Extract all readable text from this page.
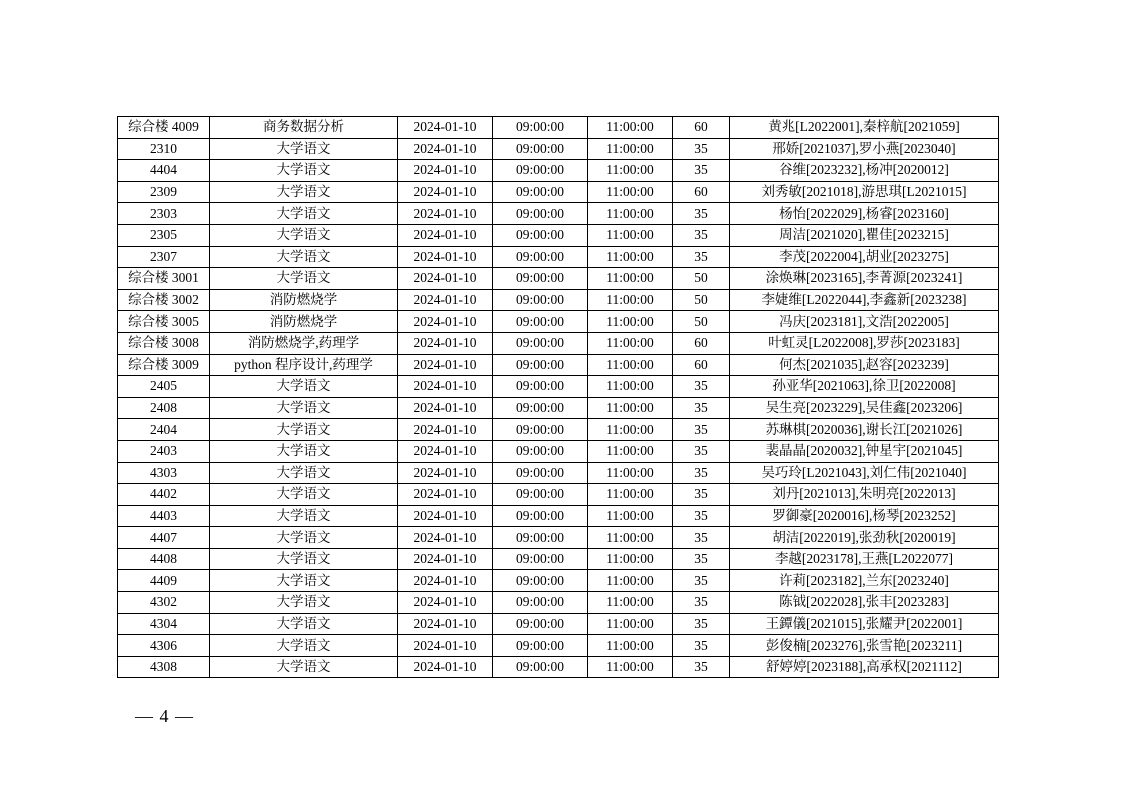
综合楼 4009	商务数据分析	2024-01-10	09:00:00	11:00:00	60	黄兆[L2022001],秦梓航[2021059]
2310	大学语文	2024-01-10	09:00:00	11:00:00	35	邢娇[2021037],罗小燕[2023040]
4404	大学语文	2024-01-10	09:00:00	11:00:00	35	谷维[2023232],杨冲[2020012]
2309	大学语文	2024-01-10	09:00:00	11:00:00	60	刘秀敏[2021018],游思琪[L2021015]
2303	大学语文	2024-01-10	09:00:00	11:00:00	35	杨怡[2022029],杨睿[2023160]
2305	大学语文	2024-01-10	09:00:00	11:00:00	35	周洁[2021020],瞿佳[2023215]
2307	大学语文	2024-01-10	09:00:00	11:00:00	35	李茂[2022004],胡业[2023275]
综合楼 3001	大学语文	2024-01-10	09:00:00	11:00:00	50	涂焕琳[2023165],李菁源[2023241]
综合楼 3002	消防燃烧学	2024-01-10	09:00:00	11:00:00	50	李婕维[L2022044],李鑫新[2023238]
综合楼 3005	消防燃烧学	2024-01-10	09:00:00	11:00:00	50	冯庆[2023181],文浩[2022005]
综合楼 3008	消防燃烧学,药理学	2024-01-10	09:00:00	11:00:00	60	叶虹灵[L2022008],罗莎[2023183]
综合楼 3009	python 程序设计,药理学	2024-01-10	09:00:00	11:00:00	60	何杰[2021035],赵容[2023239]
2405	大学语文	2024-01-10	09:00:00	11:00:00	35	孙亚华[2021063],徐卫[2022008]
2408	大学语文	2024-01-10	09:00:00	11:00:00	35	吴生亮[2023229],吴佳鑫[2023206]
2404	大学语文	2024-01-10	09:00:00	11:00:00	35	苏琳棋[2020036],谢长江[2021026]
2403	大学语文	2024-01-10	09:00:00	11:00:00	35	裴晶晶[2020032],钟星宇[2021045]
4303	大学语文	2024-01-10	09:00:00	11:00:00	35	吴巧玲[L2021043],刘仁伟[2021040]
4402	大学语文	2024-01-10	09:00:00	11:00:00	35	刘丹[2021013],朱明亮[2022013]
4403	大学语文	2024-01-10	09:00:00	11:00:00	35	罗御豪[2020016],杨琴[2023252]
4407	大学语文	2024-01-10	09:00:00	11:00:00	35	胡洁[2022019],张劲秋[2020019]
4408	大学语文	2024-01-10	09:00:00	11:00:00	35	李越[2023178],王燕[L2022077]
4409	大学语文	2024-01-10	09:00:00	11:00:00	35	许莉[2023182],兰东[2023240]
4302	大学语文	2024-01-10	09:00:00	11:00:00	35	陈钺[2022028],张丰[2023283]
4304	大学语文	2024-01-10	09:00:00	11:00:00	35	王鐔儀[2021015],张耀尹[2022001]
4306	大学语文	2024-01-10	09:00:00	11:00:00	35	彭俊楠[2023276],张雪艳[2023211]
4308	大学语文	2024-01-10	09:00:00	11:00:00	35	舒婷婷[2023188],高承权[2021112]
— 4 —
